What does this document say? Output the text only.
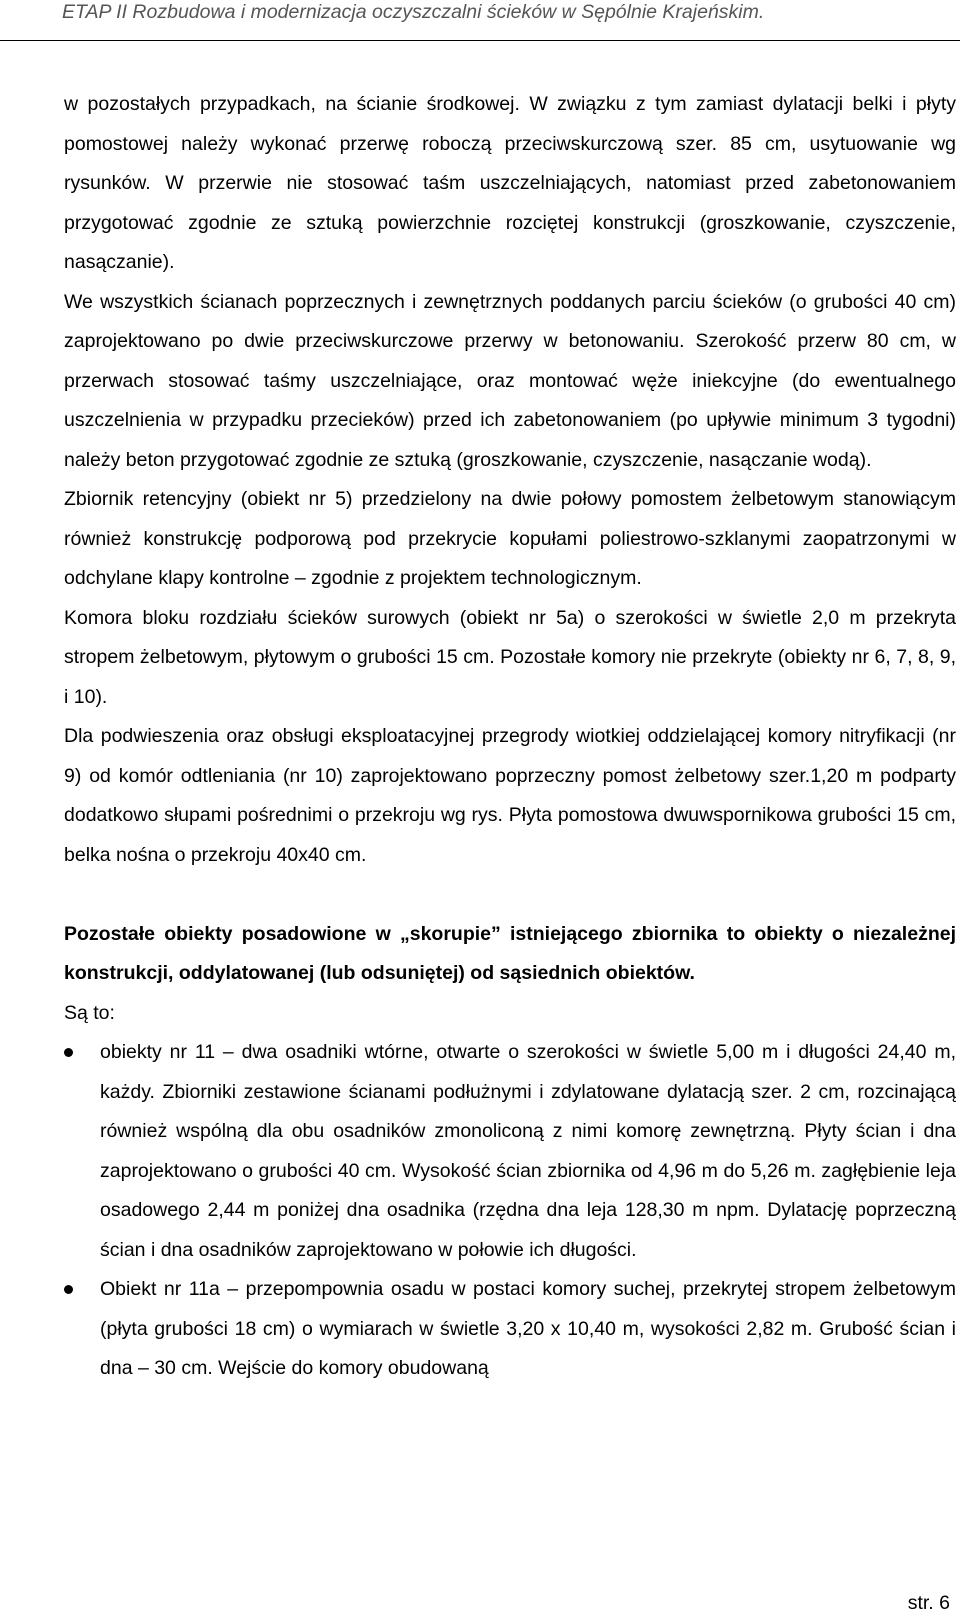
ETAP II Rozbudowa i modernizacja oczyszczalni ścieków w Sępólnie Krajeńskim.

w pozostałych przypadkach, na ścianie środkowej. W związku z tym zamiast dylatacji belki i płyty pomostowej należy wykonać przerwę roboczą przeciwskurczową szer. 85 cm, usytuowanie wg rysunków. W przerwie nie stosować taśm uszczelniających, natomiast przed zabetonowaniem przygotować zgodnie ze sztuką powierzchnie rozciętej konstrukcji (groszkowanie, czyszczenie, nasączanie).

We wszystkich ścianach poprzecznych i zewnętrznych poddanych parciu ścieków (o grubości 40 cm) zaprojektowano po dwie przeciwskurczowe przerwy w betonowaniu. Szerokość przerw 80 cm, w przerwach stosować taśmy uszczelniające, oraz montować węże iniekcyjne (do ewentualnego uszczelnienia w przypadku przecieków) przed ich zabetonowaniem (po upływie minimum 3 tygodni) należy beton przygotować zgodnie ze sztuką (groszkowanie, czyszczenie, nasączanie wodą).

Zbiornik retencyjny (obiekt nr 5) przedzielony na dwie połowy pomostem żelbetowym stanowiącym również konstrukcję podporową pod przekrycie kopułami poliestrowo-szklanymi zaopatrzonymi w odchylane klapy kontrolne – zgodnie z projektem technologicznym.

Komora bloku rozdziału ścieków surowych (obiekt nr 5a) o szerokości w świetle 2,0 m przekryta stropem żelbetowym, płytowym o grubości 15 cm. Pozostałe komory nie przekryte (obiekty nr 6, 7, 8, 9, i 10).

Dla podwieszenia oraz obsługi eksploatacyjnej przegrody wiotkiej oddzielającej komory nitryfikacji (nr 9) od komór odtleniania (nr 10) zaprojektowano poprzeczny pomost żelbetowy szer.1,20 m podparty dodatkowo słupami pośrednimi o przekroju wg rys. Płyta pomostowa dwuwspornikowa grubości 15 cm, belka nośna o przekroju 40x40 cm.

Pozostałe obiekty posadowione w „skorupie” istniejącego zbiornika to obiekty o niezależnej konstrukcji, oddylatowanej (lub odsuniętej) od sąsiednich obiektów.

Są to:

obiekty nr 11 – dwa osadniki wtórne, otwarte o szerokości w świetle 5,00 m i długości 24,40 m, każdy. Zbiorniki zestawione ścianami podłużnymi i zdylatowane dylatacją szer. 2 cm, rozcinającą również wspólną dla obu osadników zmonoliconą z nimi komorę zewnętrzną. Płyty ścian i dna zaprojektowano o grubości 40 cm. Wysokość ścian zbiornika od 4,96 m do 5,26 m. zagłębienie leja osadowego 2,44 m poniżej dna osadnika (rzędna dna leja 128,30 m npm. Dylatację poprzeczną ścian i dna osadników zaprojektowano w połowie ich długości.
Obiekt nr 11a – przepompownia osadu w postaci komory suchej, przekrytej stropem żelbetowym (płyta grubości 18 cm) o wymiarach w świetle 3,20 x 10,40 m, wysokości 2,82 m. Grubość ścian i dna – 30 cm. Wejście do komory obudowaną
str. 6
